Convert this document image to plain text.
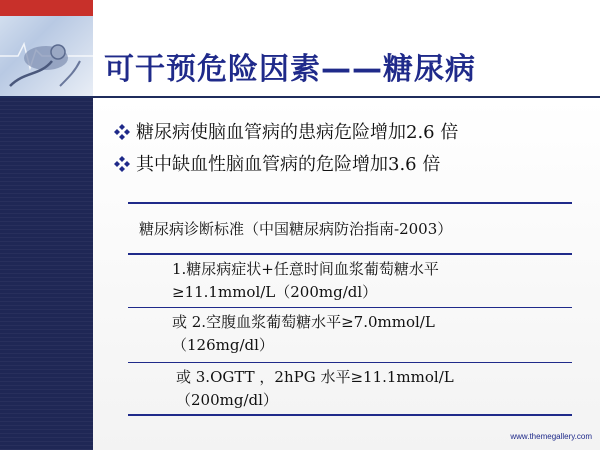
可干预危险因素——糖尿病
糖尿病使脑血管病的患病危险增加2.6 倍
其中缺血性脑血管病的危险增加3.6 倍
糖尿病诊断标准（中国糖尿病防治指南-2003）
1.糖尿病症状+任意时间血浆葡萄糖水平
≥11.1mmol/L（200mg/dl）
或 2.空腹血浆葡萄糖水平≥7.0mmol/L
（126mg/dl）
或 3.OGTT ，2hPG 水平≥11.1mmol/L
（200mg/dl）
www.themegallery.com
